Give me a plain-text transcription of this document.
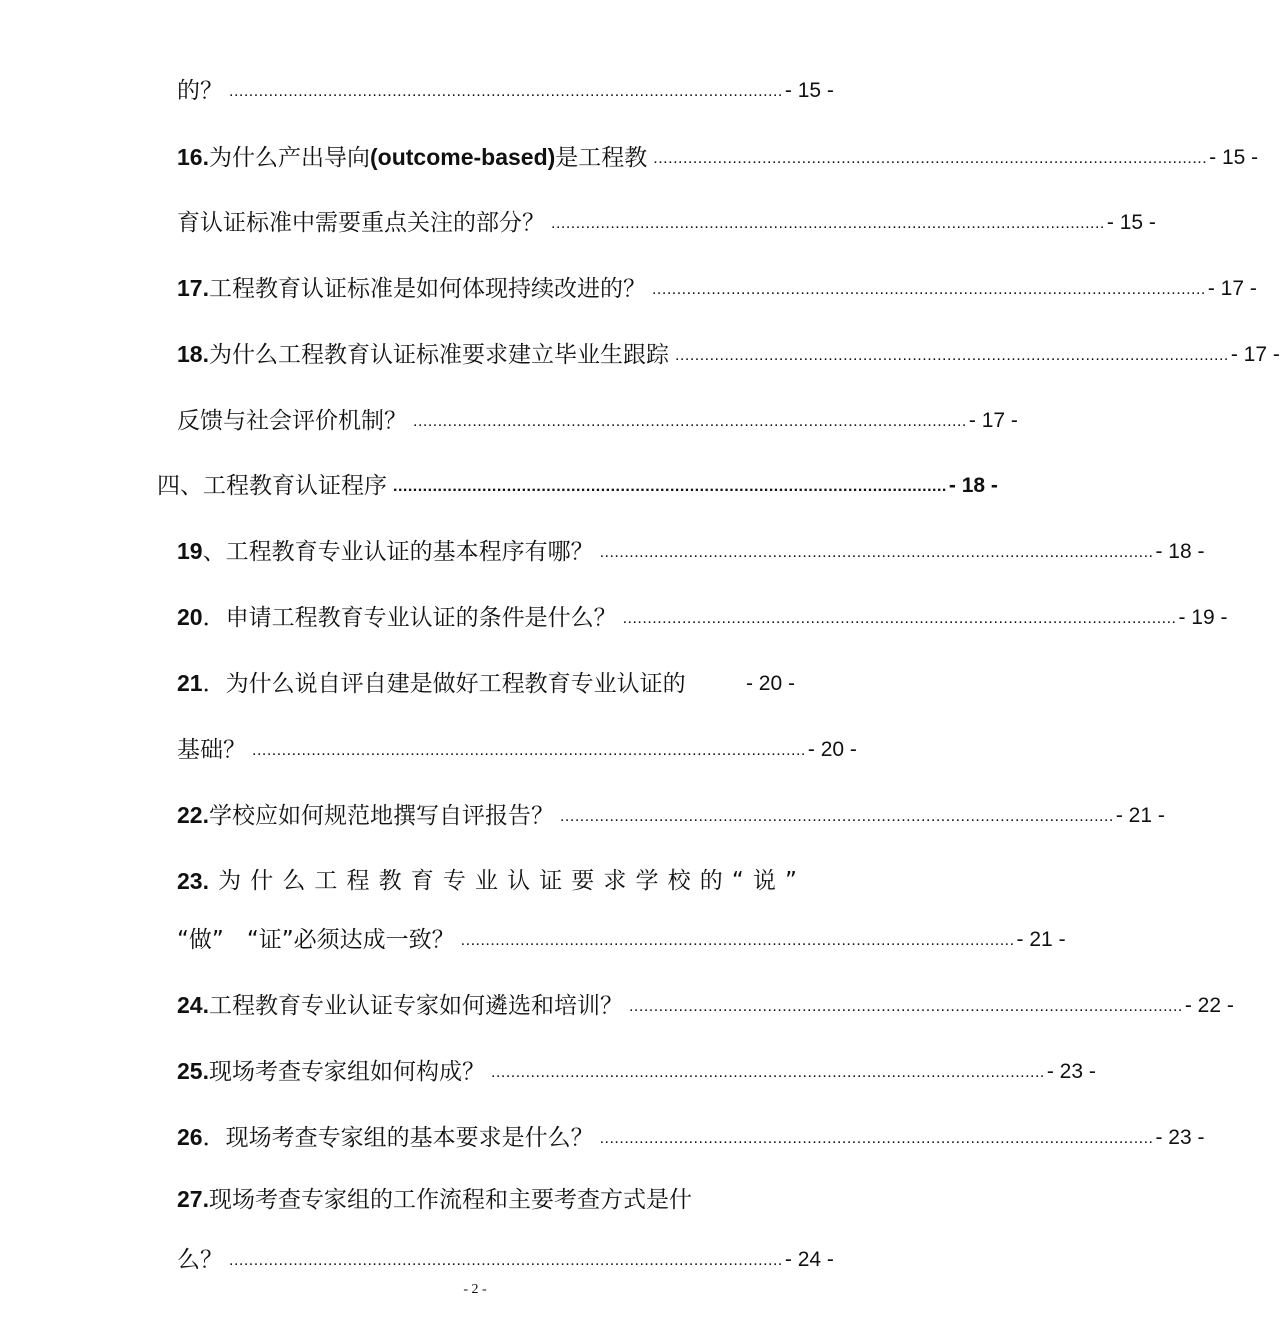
的？ ................................................................................................................ - 15 -
16.为什么产出导向(outcome-based)是工程教 ................................................................................................................ - 15 -
育认证标准中需要重点关注的部分？ ................................................................................................................ - 15 -
17.工程教育认证标准是如何体现持续改进的？ ................................................................................................................ - 17 -
18.为什么工程教育认证标准要求建立毕业生跟踪 ................................................................................................................ - 17 -
反馈与社会评价机制？ ................................................................................................................ - 17 -
四、工程教育认证程序 ................................................................................................................ - 18 -
19、工程教育专业认证的基本程序有哪？ ................................................................................................................ - 18 -
20．申请工程教育专业认证的条件是什么？ ................................................................................................................ - 19 -
21．为什么说自评自建是做好工程教育专业认证的	- 20 -
基础？ ................................................................................................................ - 20 -
22.学校应如何规范地撰写自评报告？ ................................................................................................................ - 21 -
23. 为 什 么 工 程 教 育 专 业 认 证 要 求 学 校 的 “ 说 ”
“做”　“证”必须达成一致？ ................................................................................................................ - 21 -
24.工程教育专业认证专家如何遴选和培训？ ................................................................................................................ - 22 -
25.现场考查专家组如何构成？ ................................................................................................................ - 23 -
26．现场考查专家组的基本要求是什么？ ................................................................................................................ - 23 -
27.现场考查专家组的工作流程和主要考查方式是什
么？ ................................................................................................................ - 24 -
- 2 -
